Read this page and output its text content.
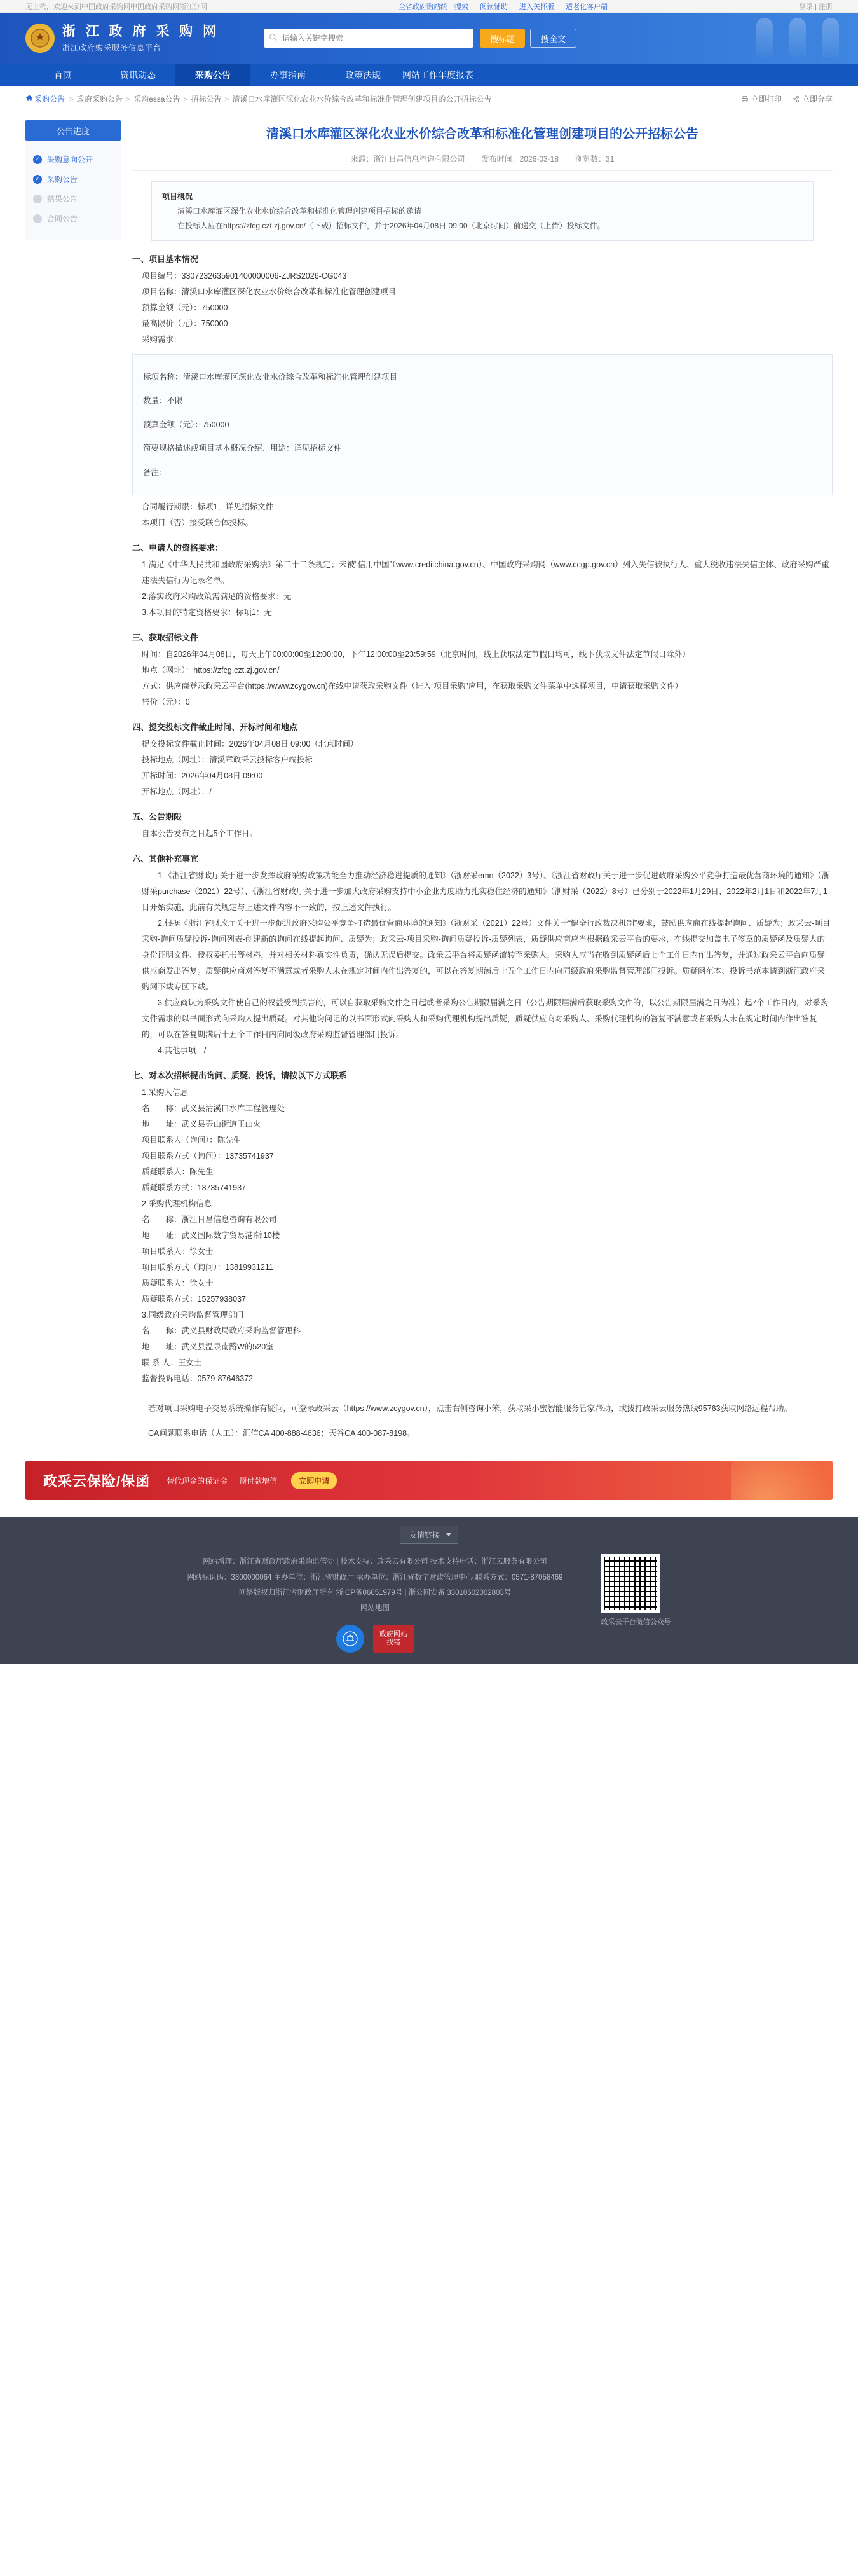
无上杙，欢迎来到中国政府采购网中国政府采购网浙江分网	全省政府购站统一搜索 阅读辅助 进入关怀版 适老化客户端	登录 | 注册
浙 江 政 府 采 购 网
浙江政府购采服务信息平台
请输入关键字搜索
搜标题	搜全文
首页	资讯动态	采购公告	办事指南	政策法规	网站工作年度报表
采购公告 > 政府采购公告 > 采购essa公告 > 招标公告 > 清溪口水库灌区深化农业水价综合改革和标准化管理创建项目的公开招标公告	立即打印	立即分享
公告进度
✓ 采购意向公开
✓ 采购公告
结果公告
合同公告
清溪口水库灌区深化农业水价综合改革和标准化管理创建项目的公开招标公告
来源：浙江日昌信息咨询有限公司 发布时间：2026-03-18 浏览数：31
项目概况
清溪口水库灌区深化农业水价综合改革和标准化管理创建项目招标的邀请
在投标人应在https://zfcg.czt.zj.gov.cn/（下载）招标文件，并于2026年04月08日 09:00（北京时间）前递交（上传）投标文件。
一、项目基本情况

项目编号：3307232635901400000006-ZJRS2026-CG043

项目名称：清溪口水库灌区深化农业水价综合改革和标准化管理创建项目

预算金额（元）：750000

最高限价（元）：750000

采购需求：

标项名称：清溪口水库灌区深化农业水价综合改革和标准化管理创建项目

数量：不限

预算金额（元）：750000

简要规格描述或项目基本概况介绍、用途：详见招标文件

备注：

合同履行期限：标项1，详见招标文件

本项目（否）接受联合体投标。

二、申请人的资格要求：

1.满足《中华人民共和国政府采购法》第二十二条规定；未被“信用中国”（www.creditchina.gov.cn）、中国政府采购网（www.ccgp.gov.cn）列入失信被执行人、重大税收违法失信主体、政府采购严重违法失信行为记录名单。

2.落实政府采购政策需满足的资格要求：无

3.本项目的特定资格要求：标项1：无

三、获取招标文件

时间：自2026年04月08日，每天上午00:00:00至12:00:00，下午12:00:00至23:59:59（北京时间，线上获取法定节假日均可，线下获取文件法定节假日除外）

地点（网址）：https://zfcg.czt.zj.gov.cn/

方式：供应商登录政采云平台(https://www.zcygov.cn)在线申请获取采购文件（进入“项目采购”应用，在获取采购文件菜单中选择项目，申请获取采购文件）

售价（元）：0

四、提交投标文件截止时间、开标时间和地点

提交投标文件截止时间：2026年04月08日 09:00（北京时间）

投标地点（网址）：清溪章政采云投标客户端投标

开标时间：2026年04月08日 09:00

开标地点（网址）：/

五、公告期限

自本公告发布之日起5个工作日。

六、其他补充事宜

1.《浙江省财政厅关于进一步发挥政府采购政策功能全力推动经济稳进提质的通知》（浙财采emn（2022）3号）、《浙江省财政厅关于进一步促进政府采购公平竞争打造最优营商环境的通知》（浙财采purchase（2021）22号）、《浙江省财政厅关于进一步加大政府采购支持中小企业力度助力扎实稳住经济的通知》（浙财采（2022）8号）已分别于2022年1月29日、2022年2月1日和2022年7月1日开始实施，此前有关规定与上述文件内容不一致的，按上述文件执行。

2.根据《浙江省财政厅关于进一步促进政府采购公平竞争打造最优营商环境的通知》（浙财采（2021）22号）文件关于“健全行政裁决机制”要求，鼓励供应商在线提起询问、质疑为；政采云-项目采购-询问质疑投诉-询问列表-创建新的询问在线提起询问、质疑为；政采云-项目采购-询问质疑投诉-质疑列表，质疑供应商应当根据政采云平台的要求，在线提交加盖电子签章的质疑函及质疑人的身份证明文件、授权委托书等材料，并对相关材料真实性负责，确认无误后提交。政采云平台将质疑函流转至采购人，采购人应当在收到质疑函后七个工作日内作出答复，并通过政采云平台向质疑供应商发出答复。质疑供应商对答复不满意或者采购人未在规定时间内作出答复的，可以在答复期满后十五个工作日内向同级政府采购监督管理部门投诉。质疑函范本、投诉书范本请到浙江政府采购网下载专区下载。

3.供应商认为采购文件使自己的权益受到损害的，可以自获取采购文件之日起或者采购公告期限届满之日（公告期限届满后获取采购文件的，以公告期限届满之日为准）起7个工作日内，对采购文件需求的以书面形式向采购人提出质疑。对其他询问记的以书面形式向采购人和采购代理机构提出质疑，质疑供应商对采购人、采购代理机构的答复不满意或者采购人未在规定时间内作出答复的，可以在答复期满后十五个工作日内向同级政府采购监督管理部门投诉。

4.其他事项：/

七、对本次招标提出询问、质疑、投诉，请按以下方式联系

1.采购人信息

名　　称：武义县清溪口水库工程管理处

地　　址：武义县壶山街道王山火

项目联系人（询问）：陈先生

项目联系方式（询问）：13735741937

质疑联系人：陈先生

质疑联系方式：13735741937

2.采购代理机构信息

名　　称：浙江日昌信息咨询有限公司

地　　址：武义国际数字贸易港I锦10楼

项目联系人：徐女士

项目联系方式（询问）：13819931211

质疑联系人：徐女士

质疑联系方式：15257938037

3.同级政府采购监督管理部门

名　　称：武义县财政局政府采购监督管理科

地　　址：武义县温泉南路W的520室

联 系 人：王女士

监督投诉电话：0579-87646372

若对项目采购电子交易系统操作有疑问，可登录政采云（https://www.zcygov.cn），点击右侧咨询小笨，获取采小蜜智能服务管家帮助，或拨打政采云服务热线95763获取网络远程帮助。

CA问题联系电话（人工）：汇信CA 400-888-4636；天谷CA 400-087-8198。

政采云保险/保函 替代现金的保证金 预付款增信	立即申请
友情链接
网站增理：浙江省财政厅政府采购监管处 | 技术支持：政采云有限公司 技术支持电话：浙江云服务有限公司
网站标识码：3300000064 主办单位：浙江省财政厅 承办单位：浙江省数字财政管理中心 联系方式：0571-87058469
网络版权归浙江省财政厅所有 浙ICP备06051979号 | 浙公网安备 33010602002803号
网站地图
政府网站
找错
政采云干台微信公众号
